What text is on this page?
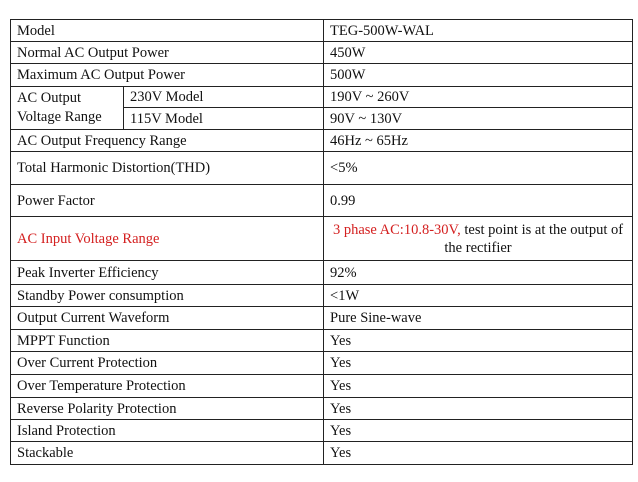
Model		TEG-500W-WAL
Normal AC Output Power		450W
Maximum AC Output Power		500W
AC Output Voltage Range	230V Model	190V ~ 260V
	115V Model	90V ~ 130V
AC Output Frequency Range		46Hz ~ 65Hz
Total Harmonic Distortion(THD)		<5%
Power Factor		0.99
AC Input Voltage Range		3 phase AC:10.8-30V, test point is at the output of the rectifier
Peak Inverter Efficiency		92%
Standby Power consumption		<1W
Output Current Waveform		Pure Sine-wave
MPPT Function		Yes
Over Current Protection		Yes
Over Temperature Protection		Yes
Reverse Polarity Protection		Yes
Island Protection		Yes
Stackable		Yes
